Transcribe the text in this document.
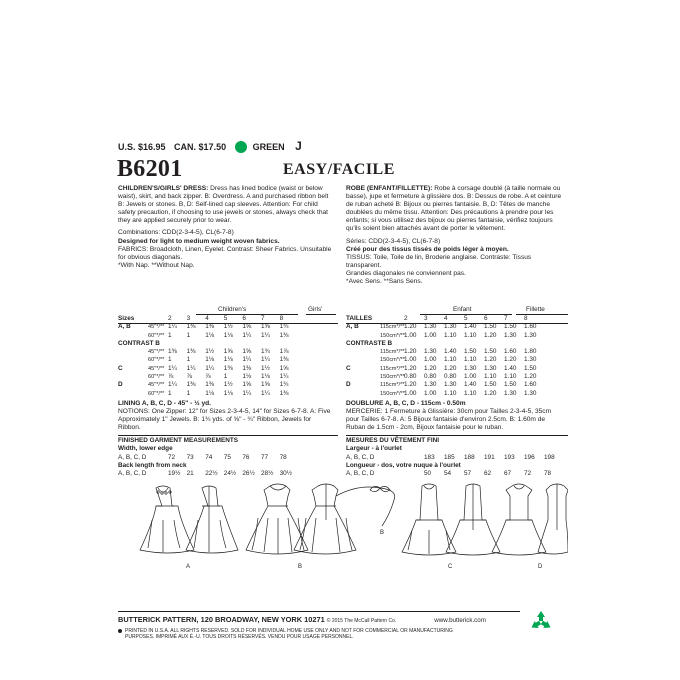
U.S. $16.95 CAN. $17.50	GREEN J
B6201	EASY/FACILE

CHILDREN'S/GIRLS' DRESS: Dress has lined bodice (waist or below waist), skirt, and back zipper. B: Overdress. A and purchased ribbon belt B: Jewels or stones. B, D: Self-lined cap sleeves. Attention: For child safety precaution, if choosing to use jewels or stones, always check that they are applied securely prior to wear.

Combinations: CDD(2-3-4-5), CL(6-7-8)

Designed for light to medium weight woven fabrics.

FABRICS: Broadcloth, Linen, Eyelet. Contrast: Sheer Fabrics. Unsuitable for obvious diagonals.

*With Nap. **Without Nap.

ROBE (ENFANT/FILLETTE): Robe à corsage doublé (à taille normale ou basse), jupe et fermeture à glissière dos. B: Dessus de robe. A et ceinture de ruban acheté B: Bijoux ou pierres fantaisie. B, D: Têtes de manche doublées du même tissu. Attention: Des précautions à prendre pour les enfants; si vous utilisez des bijoux ou pierres fantaisie, vérifiez toujours qu'ils soient bien attachés avant de porter le vêtement.

Séries: CDD(2-3-4-5), CL(6-7-8)

Créé pour des tissus tissés de poids léger à moyen.

TISSUS: Toile, Toile de lin, Broderie anglaise. Contraste: Tissus transparent.

Grandes diagonales ne conviennent pas.

*Avec Sens. **Sans Sens.

Children's	Girls'	Enfant	Fillette
Sizes	2	3	4	5	6	7	8
A, B	45"*/** 1¼	1⅜	1⅜	1½	1⅝	1⅝	1¾
60"*/** 1	1	1⅛	1⅛	1¼	1¼	1⅜
CONTRAST B
45"*/** 1⅜	1⅜	1½	1⅝	1⅝	1¾	1⅞
60"*/** 1	1	1⅛	1⅛	1¼	1¼	1⅜
C	45"*/** 1¼	1¼	1¼	1⅜	1⅜	1½	1⅝
60"*/** ⅞	⅞	⅞	1	1⅛	1⅛	1¼
D	45"*/** 1¼	1⅜	1⅜	1½	1⅝	1⅝	1¾
60"*/** 1	1	1⅛	1⅛	1¼	1¼	1⅜
TAILLES	2	3	4	5	6	7	8
A, B	115cm*/** 1.20	1.30	1.30	1.40	1.50	1.50	1.60
150cm*/** 1.00	1.00	1.10	1.10	1.20	1.30	1.30
CONTRASTE B
115cm*/** 1.20	1.30	1.40	1.50	1.50	1.60	1.80
150cm*/** 1.00	1.00	1.10	1.10	1.20	1.20	1.30
C	115cm*/** 1.20	1.20	1.20	1.30	1.30	1.40	1.50
150cm*/** 0.80	0.80	0.80	1.00	1.10	1.10	1.20
D	115cm*/** 1.20	1.30	1.30	1.40	1.50	1.50	1.60
150cm*/** 1.00	1.00	1.10	1.10	1.20	1.30	1.30

LINING A, B, C, D - 45" - ½ yd.

NOTIONS: One Zipper: 12" for Sizes 2-3-4-5, 14" for Sizes 6-7-8. A: Five Approximately 1" Jewels. B: 1¾ yds. of ⅝" - ¾" Ribbon, Jewels for Ribbon.

DOUBLURE A, B, C, D - 115cm - 0.50m

MERCERIE: 1 Fermeture à Glissière: 30cm pour Tailles 2-3-4-5, 35cm pour Tailles 6-7-8. A: 5 Bijoux fantaisie d'environ 2.5cm. B: 1.60m de Ruban de 1.5cm - 2cm, Bijoux fantaisie pour le ruban.

FINISHED GARMENT MEASUREMENTS
Width, lower edge
A, B, C, D	72	73	74	75	76	77	78
Back length from neck
A, B, C, D	19½ 21	22½ 24½ 26½ 28½ 30½
MESURES DU VÊTEMENT FINI
Largeur - à l'ourlet
A, B, C, D	183	185	188	191	193	196	198
Longueur - dos, votre nuque à l'ourlet
A, B, C, D	50	54	57	62	67	72	78
A	B
B
C	D
BUTTERICK PATTERN, 120 BROADWAY, NEW YORK 10271 © 2015 The McCall Pattern Co.	www.butterick.com
PRINTED IN U.S.A. ALL RIGHTS RESERVED. SOLD FOR INDIVIDUAL HOME USE ONLY AND NOT FOR COMMERCIAL OR MANUFACTURING
PURPOSES. IMPRIMÉ AUX É.-U. TOUS DROITS RÉSERVÉS. VENDU POUR USAGE PERSONNEL.
